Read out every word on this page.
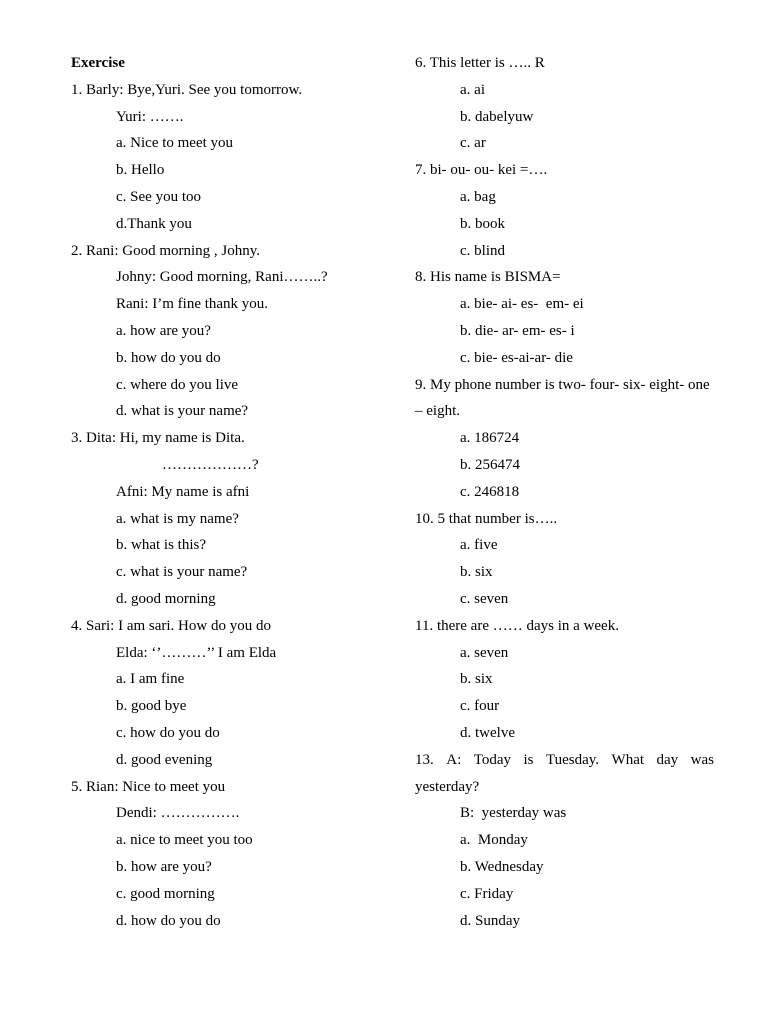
Exercise
1. Barly: Bye,Yuri. See you tomorrow.
Yuri: …….
a. Nice to meet you
b. Hello
c. See you too
d.Thank you
2. Rani: Good morning , Johny.
Johny: Good morning, Rani……..?
Rani: I’m fine thank you.
a. how are you?
b. how do you do
c. where do you live
d. what is your name?
3. Dita: Hi, my name is Dita.
………………?
Afni: My name is afni
a. what is my name?
b. what is this?
c. what is your name?
d. good morning
4. Sari: I am sari. How do you do
Elda: ‘’………’’ I am Elda
a. I am fine
b. good bye
c. how do you do
d. good evening
5. Rian: Nice to meet you
Dendi: …………….
a. nice to meet you too
b. how are you?
c. good morning
d. how do you do
6. This letter is ….. R
a. ai
b. dabelyuw
c. ar
7. bi- ou- ou- kei =….
a. bag
b. book
c. blind
8. His name is BISMA=
a. bie- ai- es-  em- ei
b. die- ar- em- es- i
c. bie- es-ai-ar- die
9. My phone number is two- four- six- eight- one
– eight.
a. 186724
b. 256474
c. 246818
10. 5 that number is…..
a. five
b. six
c. seven
11. there are …… days in a week.
a. seven
b. six
c. four
d. twelve
13. A: Today is Tuesday. What day was
yesterday?
B:  yesterday was
a.  Monday
b. Wednesday
c. Friday
d. Sunday
